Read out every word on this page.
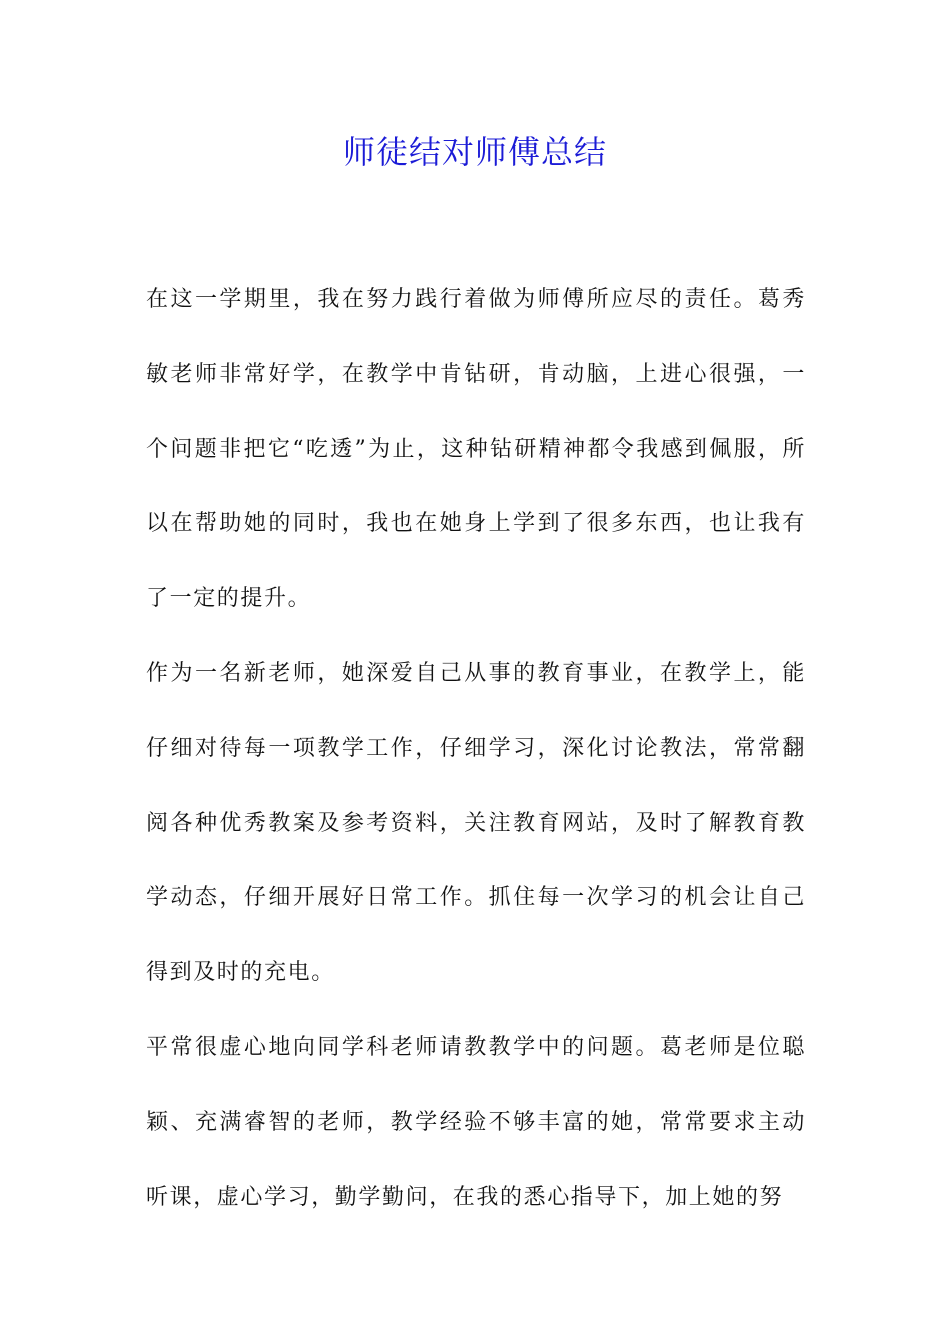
师徒结对师傅总结

在这一学期里，我在努力践行着做为师傅所应尽的责任。葛秀敏老师非常好学，在教学中肯钻研，肯动脑，上进心很强，一个问题非把它“吃透”为止，这种钻研精神都令我感到佩服，所以在帮助她的同时，我也在她身上学到了很多东西，也让我有了一定的提升。

作为一名新老师，她深爱自己从事的教育事业，在教学上，能仔细对待每一项教学工作，仔细学习，深化讨论教法，常常翻阅各种优秀教案及参考资料，关注教育网站，及时了解教育教学动态，仔细开展好日常工作。抓住每一次学习的机会让自己得到及时的充电。

平常很虚心地向同学科老师请教教学中的问题。葛老师是位聪颖、充满睿智的老师，教学经验不够丰富的她，常常要求主动听课，虚心学习，勤学勤问，在我的悉心指导下，加上她的努
